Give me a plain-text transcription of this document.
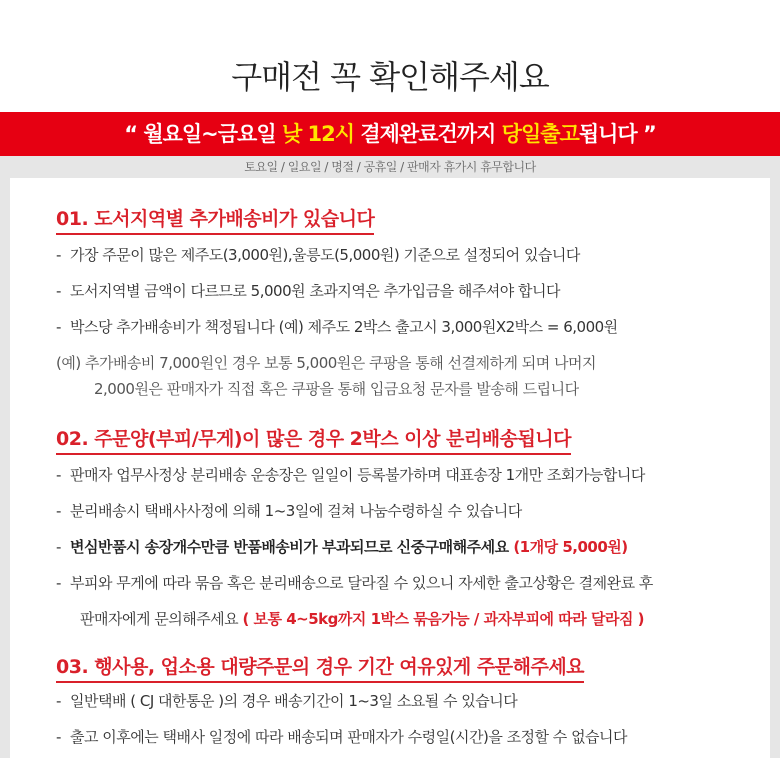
구매전 꼭 확인해주세요
“ 월요일~금요일 낮 12시 결제완료건까지 당일출고됩니다 ”
토요일 / 일요일 / 명절 / 공휴일 / 판매자 휴가시 휴무합니다
01. 도서지역별 추가배송비가 있습니다
- 가장 주문이 많은 제주도(3,000원),울릉도(5,000원) 기준으로 설정되어 있습니다
- 도서지역별 금액이 다르므로 5,000원 초과지역은 추가입금을 해주셔야 합니다
- 박스당 추가배송비가 책정됩니다 (예) 제주도 2박스 출고시 3,000원X2박스 = 6,000원
(예) 추가배송비 7,000원인 경우 보통 5,000원은 쿠팡을 통해 선결제하게 되며 나머지
2,000원은 판매자가 직접 혹은 쿠팡을 통해 입금요청 문자를 발송해 드립니다
02. 주문양(부피/무게)이 많은 경우 2박스 이상 분리배송됩니다
- 판매자 업무사정상 분리배송 운송장은 일일이 등록불가하며 대표송장 1개만 조회가능합니다
- 분리배송시 택배사사정에 의해 1~3일에 걸쳐 나눔수령하실 수 있습니다
- 변심반품시 송장개수만큼 반품배송비가 부과되므로 신중구매해주세요 (1개당 5,000원)
- 부피와 무게에 따라 묶음 혹은 분리배송으로 달라질 수 있으니 자세한 출고상황은 결제완료 후
판매자에게 문의해주세요 ( 보통 4~5kg까지 1박스 묶음가능 / 과자부피에 따라 달라짐 )
03. 행사용, 업소용 대량주문의 경우 기간 여유있게 주문해주세요
- 일반택배 ( CJ 대한통운 )의 경우 배송기간이 1~3일 소요될 수 있습니다
- 출고 이후에는 택배사 일정에 따라 배송되며 판매자가 수령일(시간)을 조정할 수 없습니다
